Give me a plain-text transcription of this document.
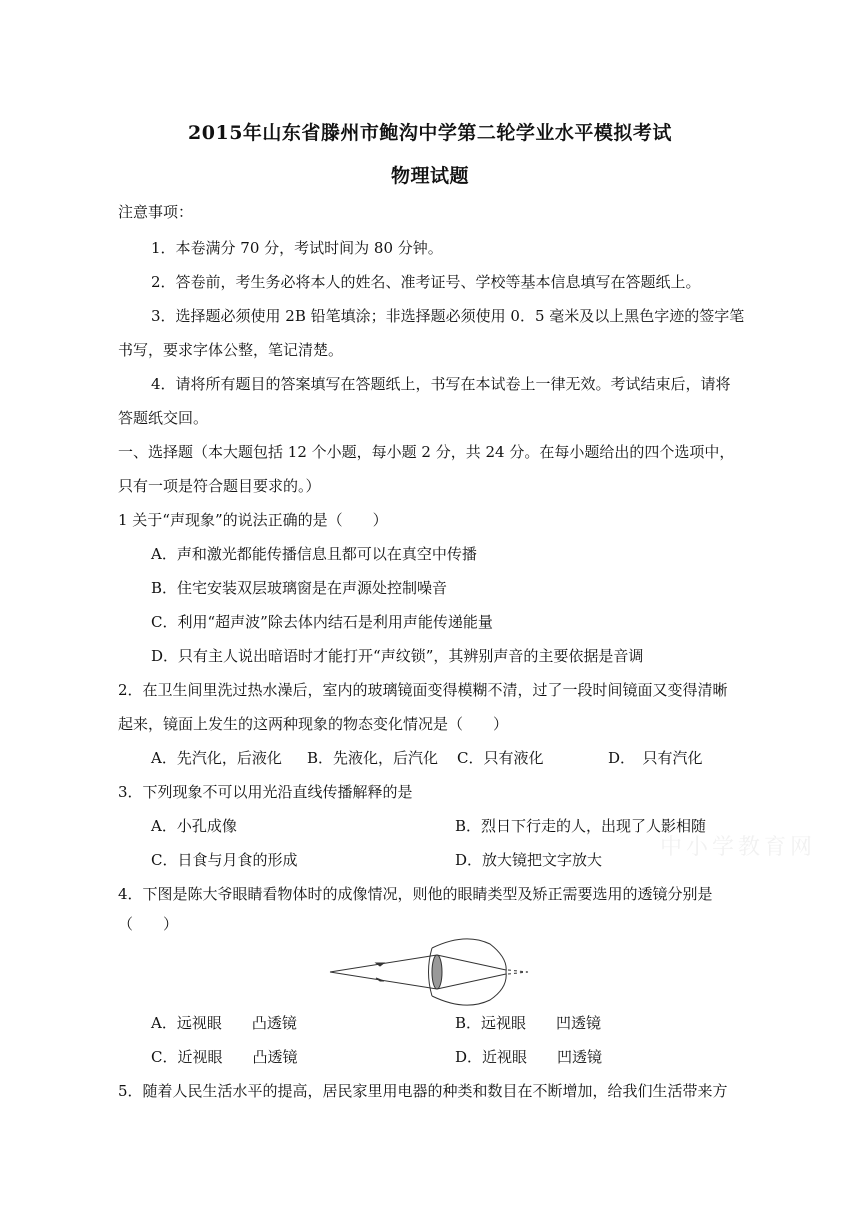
2015年山东省滕州市鲍沟中学第二轮学业水平模拟考试
物理试题
注意事项：
1．本卷满分 70 分，考试时间为 80 分钟。
2．答卷前，考生务必将本人的姓名、准考证号、学校等基本信息填写在答题纸上。
3．选择题必须使用 2B 铅笔填涂；非选择题必须使用 0．5 毫米及以上黑色字迹的签字笔
书写，要求字体公整，笔记清楚。
4．请将所有题目的答案填写在答题纸上，书写在本试卷上一律无效。考试结束后，请将
答题纸交回。
一、选择题（本大题包括 12 个小题，每小题 2 分，共 24 分。在每小题给出的四个选项中，
只有一项是符合题目要求的。）
1 关于“声现象”的说法正确的是（　　）
A．声和激光都能传播信息且都可以在真空中传播
B．住宅安装双层玻璃窗是在声源处控制噪音
C．利用“超声波”除去体内结石是利用声能传递能量
D．只有主人说出暗语时才能打开“声纹锁”，其辨别声音的主要依据是音调
2．在卫生间里洗过热水澡后，室内的玻璃镜面变得模糊不清，过了一段时间镜面又变得清晰
起来，镜面上发生的这两种现象的物态变化情况是（　　）
A．先汽化，后液化 B．先液化，后汽化 C．只有液化	D．　只有汽化
3．下列现象不可以用光沿直线传播解释的是
A．小孔成像	B．烈日下行走的人，出现了人影相随
C．日食与月食的形成	D．放大镜把文字放大	中小学教育网
4．下图是陈大爷眼睛看物体时的成像情况，则他的眼睛类型及矫正需要选用的透镜分别是
（　　）
A．远视眼　　凸透镜	B．远视眼　　凹透镜
C．近视眼　　凸透镜	D．近视眼　　凹透镜
5．随着人民生活水平的提高，居民家里用电器的种类和数目在不断增加，给我们生活带来方
